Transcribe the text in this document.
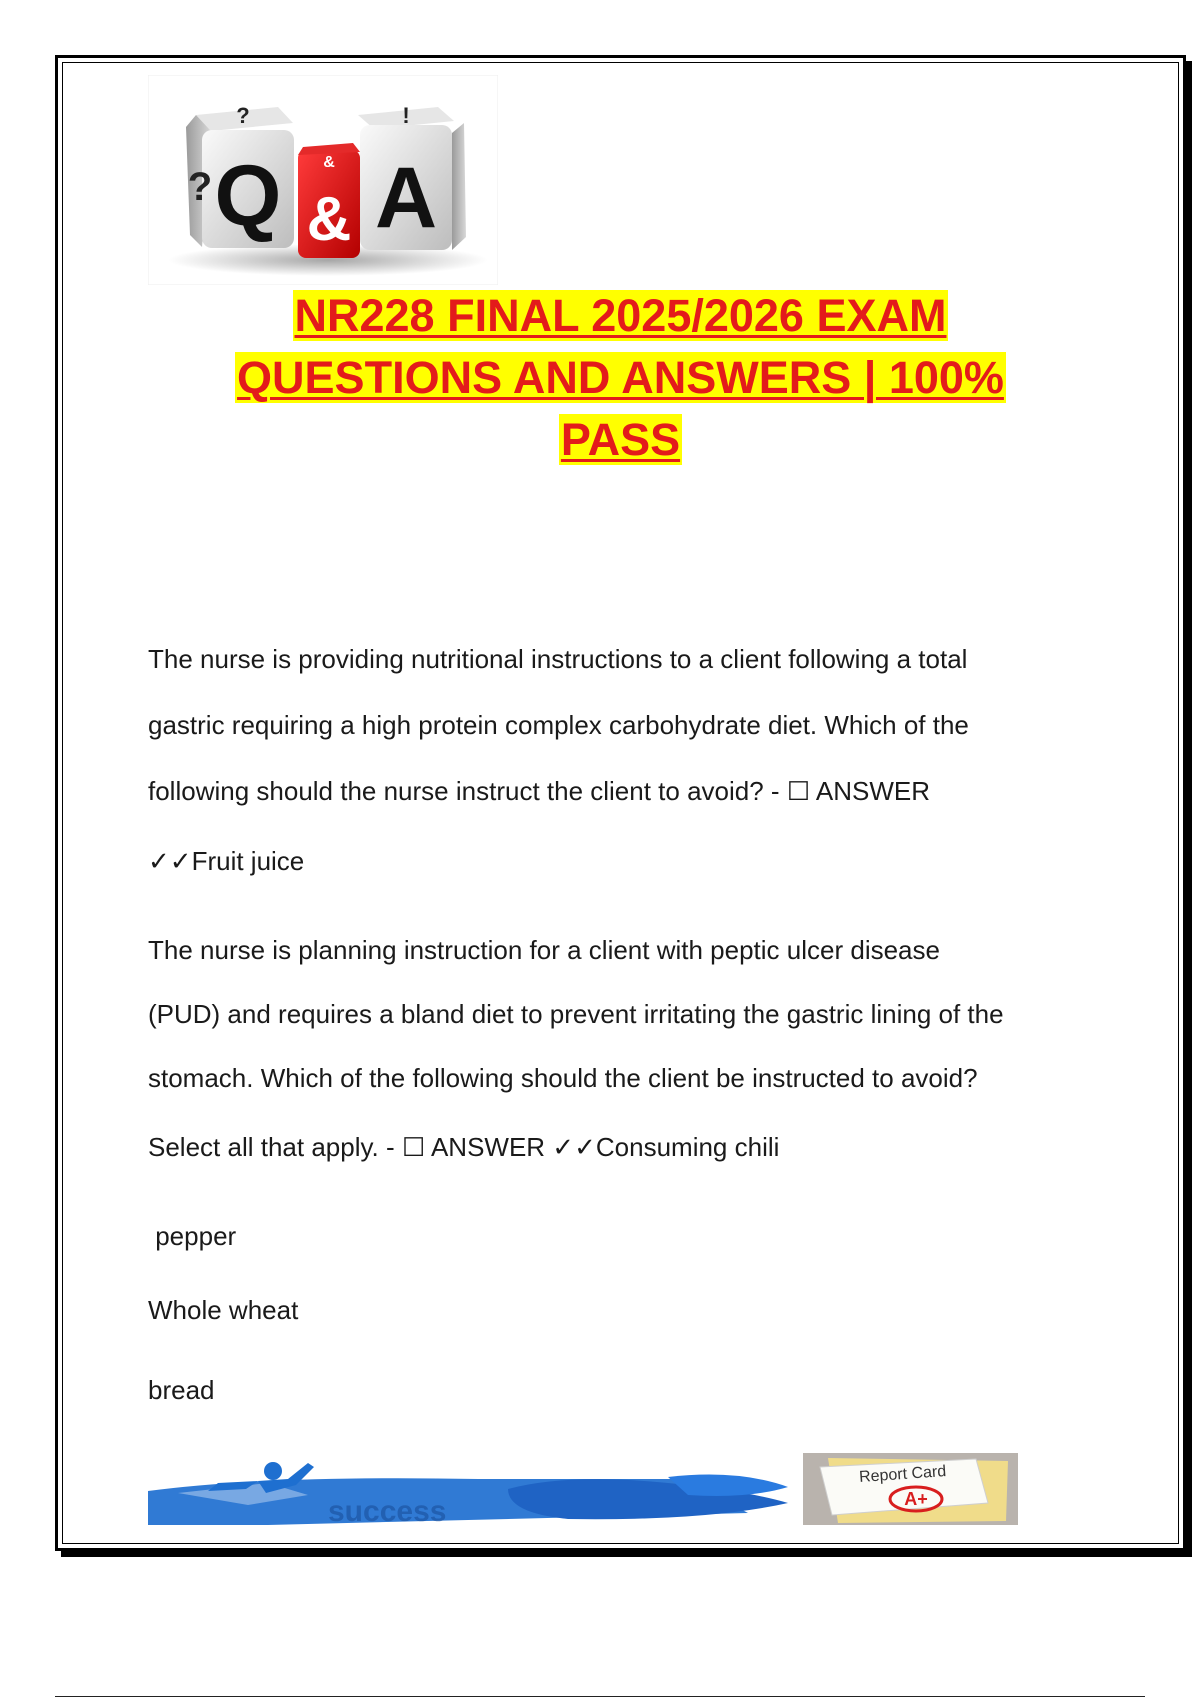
Q
? &
& A
!
?
NR228 FINAL 2025/2026 EXAM
QUESTIONS AND ANSWERS | 100%
PASS
The nurse is providing nutritional instructions to a client following a total
gastric requiring a high protein complex carbohydrate diet. Which of the
following should the nurse instruct the client to avoid? - ☐ ANSWER
✓✓Fruit juice
The nurse is planning instruction for a client with peptic ulcer disease
(PUD) and requires a bland diet to prevent irritating the gastric lining of the
stomach. Which of the following should the client be instructed to avoid?
Select all that apply. - ☐ ANSWER ✓✓Consuming chili
pepper
Whole wheat
bread
success
Report Card
A+
